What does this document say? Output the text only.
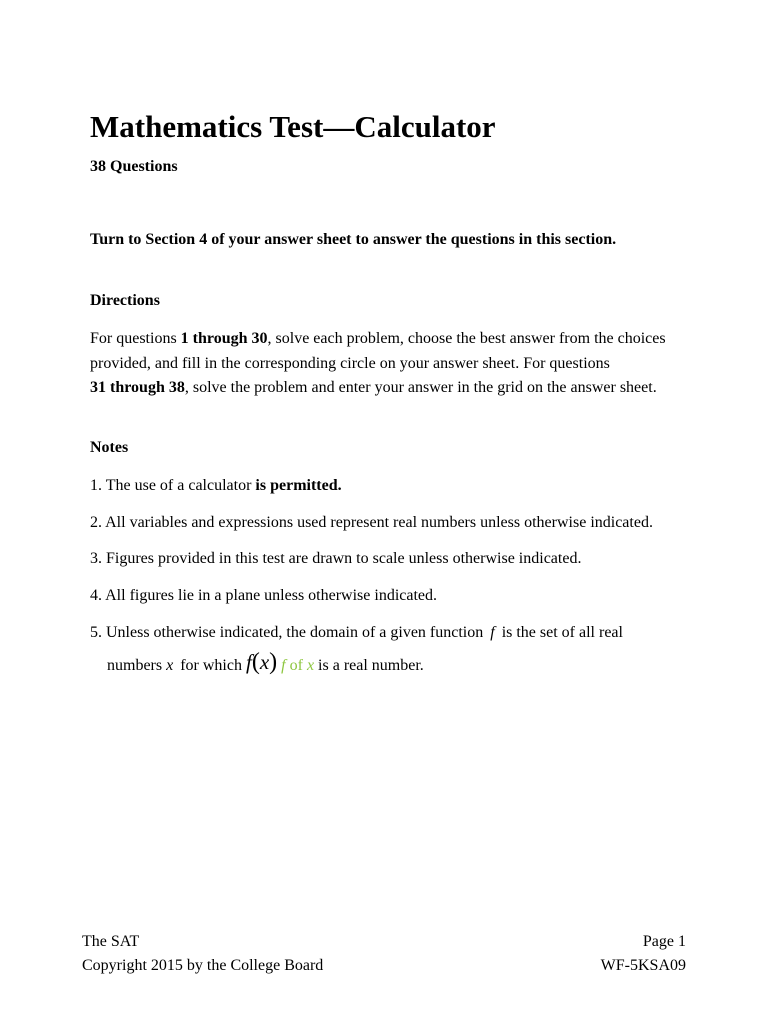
Mathematics Test—Calculator
38 Questions
Turn to Section 4 of your answer sheet to answer the questions in this section.
Directions
For questions 1 through 30, solve each problem, choose the best answer from the choices
provided, and fill in the corresponding circle on your answer sheet. For questions
31 through 38, solve the problem and enter your answer in the grid on the answer sheet.
Notes
1. The use of a calculator is permitted.
2. All variables and expressions used represent real numbers unless otherwise indicated.
3. Figures provided in this test are drawn to scale unless otherwise indicated.
4. All figures lie in a plane unless otherwise indicated.
5. Unless otherwise indicated, the domain of a given function f is the set of all real
numbers x for which f(x) f of x is a real number.
The SAT
Copyright 2015 by the College Board
Page 1
WF-5KSA09
